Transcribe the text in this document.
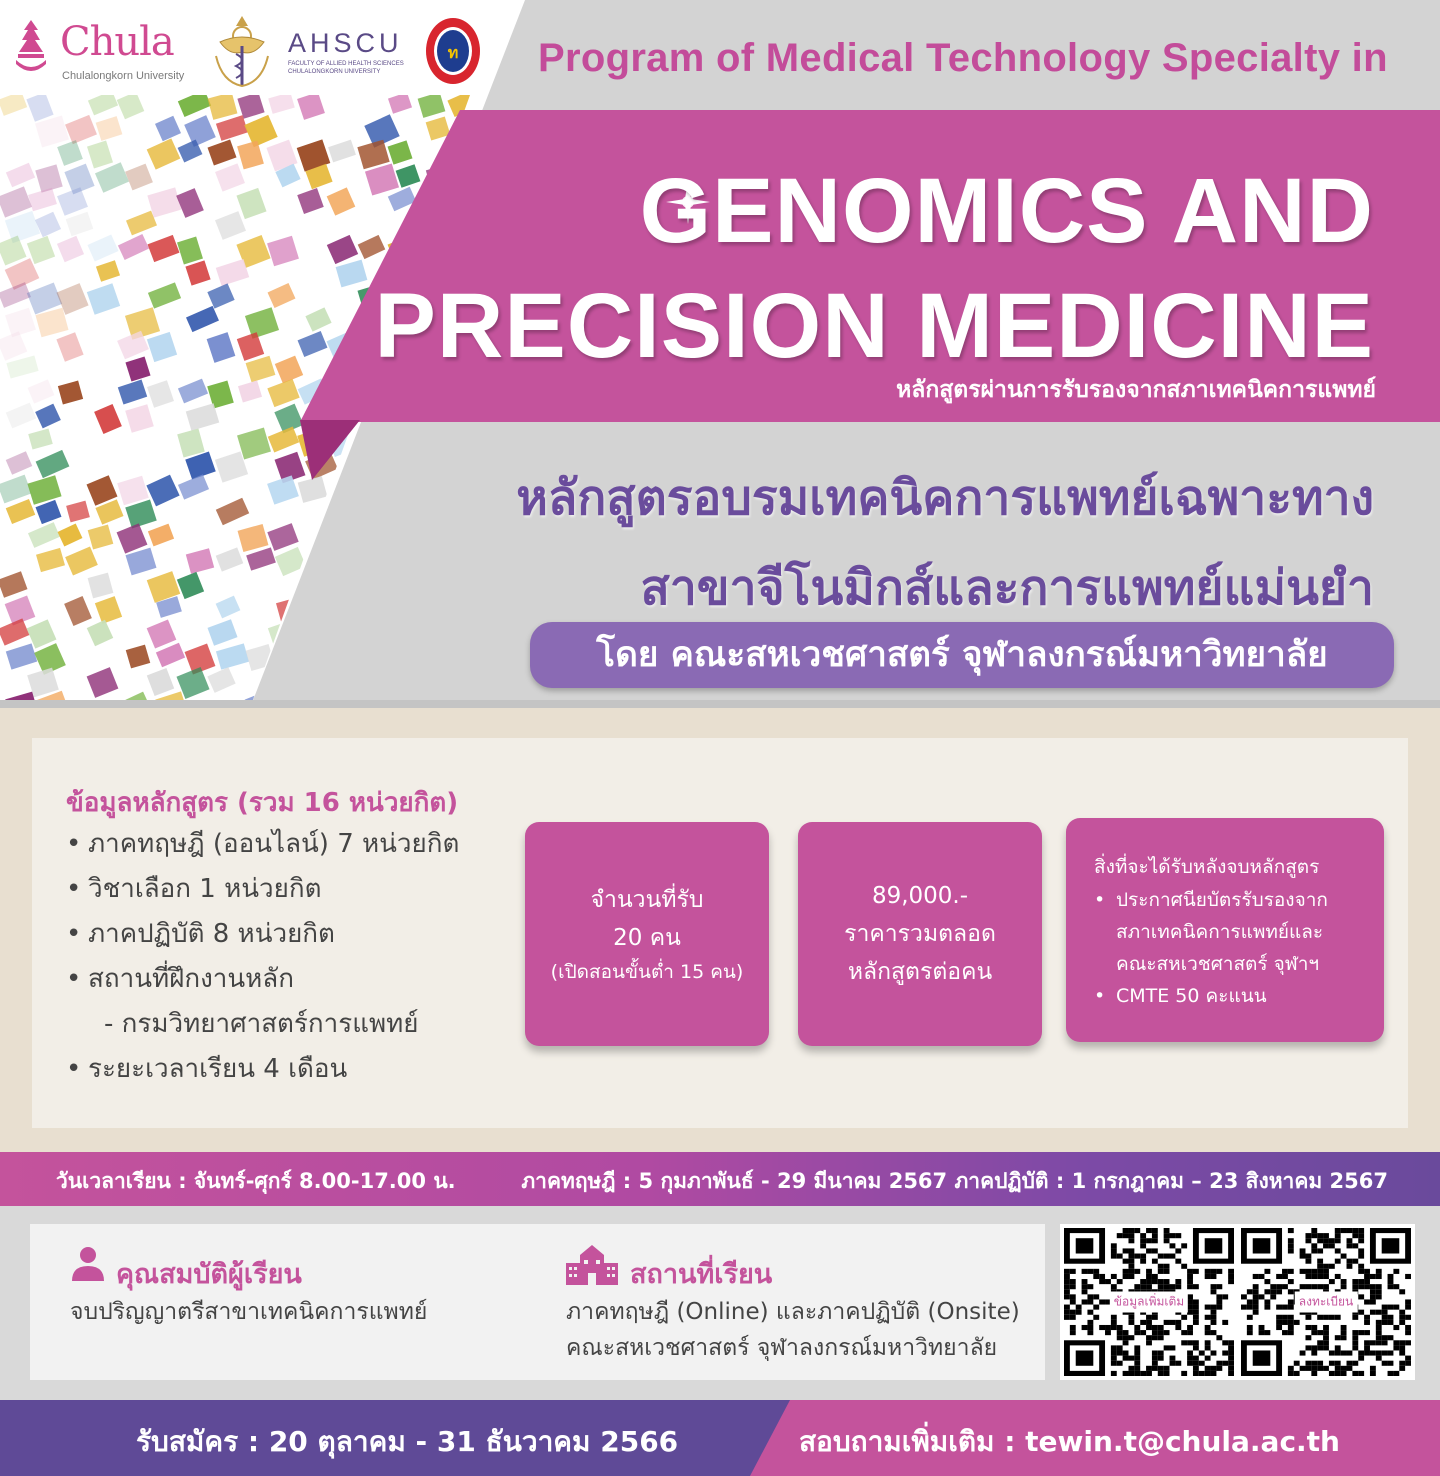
Chula
Chulalongkorn University
AHSCU
FACULTY OF ALLIED HEALTH SCIENCES CHULALONGKORN UNIVERSITY
ท Program of Medical Technology Specialty in
GENOMICS AND
PRECISION MEDICINE
หลักสูตรผ่านการรับรองจากสภาเทคนิคการแพทย์
หลักสูตรอบรมเทคนิคการแพทย์เฉพาะทาง
สาขาจีโนมิกส์และการแพทย์แม่นยำ
โดย คณะสหเวชศาสตร์ จุฬาลงกรณ์มหาวิทยาลัย
ข้อมูลหลักสูตร (รวม 16 หน่วยกิต)
• ภาคทฤษฎี (ออนไลน์) 7 หน่วยกิต
• วิชาเลือก 1 หน่วยกิต
• ภาคปฏิบัติ 8 หน่วยกิต
• สถานที่ฝึกงานหลัก
- กรมวิทยาศาสตร์การแพทย์
• ระยะเวลาเรียน 4 เดือน
จำนวนที่รับ
20 คน
(เปิดสอนขั้นต่ำ 15 คน)
89,000.-
ราคารวมตลอด
หลักสูตรต่อคน
สิ่งที่จะได้รับหลังจบหลักสูตร
• ประกาศนียบัตรรับรองจาก
สภาเทคนิคการแพทย์และ
คณะสหเวชศาสตร์ จุฬาฯ
• CMTE 50 คะแนน
วันเวลาเรียน : จันทร์-ศุกร์ 8.00-17.00 น.	ภาคทฤษฎี : 5 กุมภาพันธ์ - 29 มีนาคม 2567 ภาคปฏิบัติ : 1 กรกฎาคม – 23 สิงหาคม 2567
คุณสมบัติผู้เรียน
จบปริญญาตรีสาขาเทคนิคการแพทย์
สถานที่เรียน
ภาคทฤษฎี (Online) และภาคปฏิบัติ (Onsite)
คณะสหเวชศาสตร์ จุฬาลงกรณ์มหาวิทยาลัย
ข้อมูลเพิ่มเติม	ลงทะเบียน
รับสมัคร : 20 ตุลาคม - 31 ธันวาคม 2566	สอบถามเพิ่มเติม : tewin.t@chula.ac.th
